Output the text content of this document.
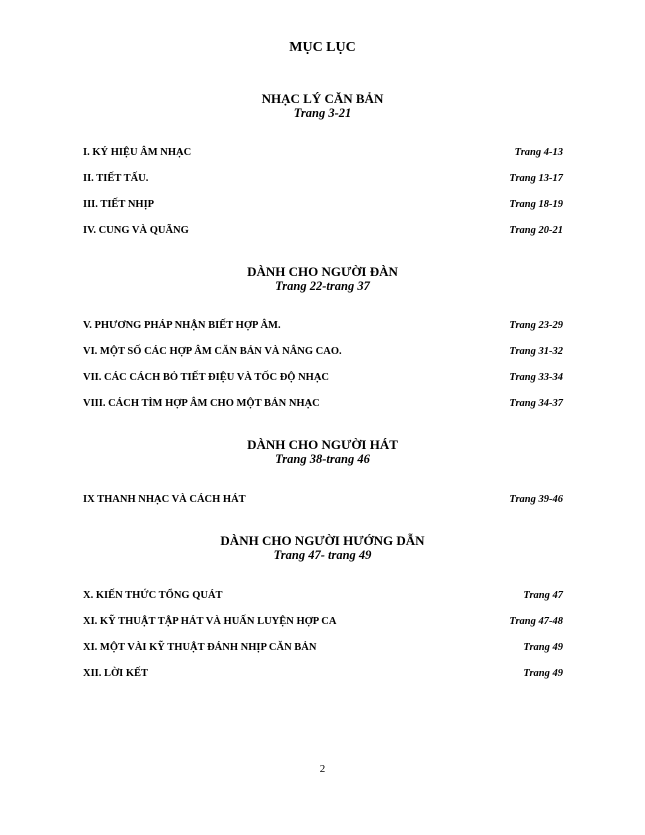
MỤC LỤC
NHẠC LÝ CĂN BẢN
Trang 3-21
I. KÝ HIỆU ÂM NHẠC	Trang 4-13
II. TIẾT TẤU.	Trang 13-17
III. TIẾT NHỊP	Trang 18-19
IV. CUNG VÀ QUÃNG	Trang 20-21
DÀNH CHO NGƯỜI ĐÀN
Trang 22-trang 37
V. PHƯƠNG PHÁP NHẬN BIẾT HỢP ÂM.	Trang 23-29
VI. MỘT SỐ CÁC HỢP ÂM CĂN BẢN VÀ NÂNG CAO.	Trang 31-32
VII. CÁC CÁCH BỎ TIẾT ĐIỆU VÀ TỐC ĐỘ NHẠC	Trang 33-34
VIII. CÁCH TÌM HỢP ÂM CHO MỘT BẢN NHẠC	Trang 34-37
DÀNH CHO NGƯỜI HÁT
Trang 38-trang 46
IX THANH NHẠC VÀ CÁCH HÁT	Trang 39-46
DÀNH CHO NGƯỜI HƯỚNG DẪN
Trang 47- trang 49
X. KIẾN THỨC TỔNG QUÁT	Trang 47
XI. KỸ THUẬT TẬP HÁT VÀ HUẤN LUYỆN HỢP CA	Trang 47-48
XI. MỘT VÀI KỸ THUẬT ĐÁNH NHỊP CĂN BẢN	Trang 49
XII. LỜI KẾT	Trang 49
2
